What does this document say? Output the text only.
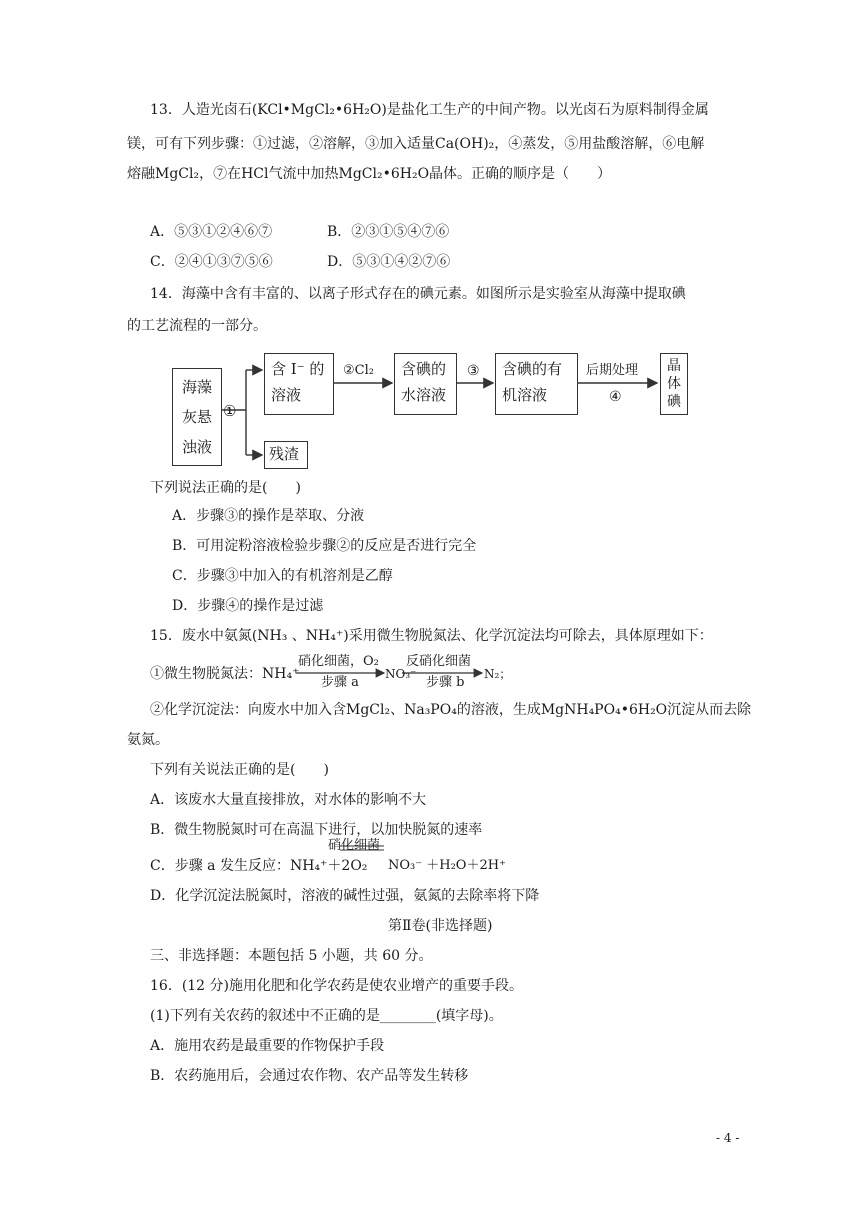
13．人造光卤石(KCl•MgCl₂•6H₂O)是盐化工生产的中间产物。以光卤石为原料制得金属
镁，可有下列步骤：①过滤，②溶解，③加入适量Ca(OH)₂，④蒸发，⑤用盐酸溶解，⑥电解
熔融MgCl₂，⑦在HCl气流中加热MgCl₂•6H₂O晶体。正确的顺序是（　　）
A．⑤③①②④⑥⑦	B．②③①⑤④⑦⑥
C．②④①③⑦⑤⑥	D．⑤③①④②⑦⑥
14．海藻中含有丰富的、以离子形式存在的碘元素。如图所示是实验室从海藻中提取碘
的工艺流程的一部分。
海藻
灰悬
浊液
①
含 I⁻ 的
溶液
②Cl₂ 含碘的
水溶液
③ 含碘的有
机溶液
后期处理
④
晶
体
碘
残渣
下列说法正确的是(　　)
A．步骤③的操作是萃取、分液
B．可用淀粉溶液检验步骤②的反应是否进行完全
C．步骤③中加入的有机溶剂是乙醇
D．步骤④的操作是过滤
15．废水中氨氮(NH₃ 、NH₄⁺)采用微生物脱氮法、化学沉淀法均可除去，具体原理如下：
①微生物脱氮法：NH₄⁺
硝化细菌，O₂
步骤 a
NO₃⁻
反硝化细菌
步骤 b
N₂；
②化学沉淀法：向废水中加入含MgCl₂、Na₃PO₄的溶液，生成MgNH₄PO₄•6H₂O沉淀从而去除
氨氮。
下列有关说法正确的是(　　)
A．该废水大量直接排放，对水体的影响不大
B．微生物脱氮时可在高温下进行，以加快脱氮的速率
C．步骤 a 发生反应：NH₄⁺＋2O₂
硝化细菌
NO₃⁻ ＋H₂O＋2H⁺
D．化学沉淀法脱氮时，溶液的碱性过强，氨氮的去除率将下降
第Ⅱ卷(非选择题)
三、非选择题：本题包括 5 小题，共 60 分。
16．(12 分)施用化肥和化学农药是使农业增产的重要手段。
(1)下列有关农药的叙述中不正确的是________(填字母)。
A．施用农药是最重要的作物保护手段
B．农药施用后，会通过农作物、农产品等发生转移
- 4 -
